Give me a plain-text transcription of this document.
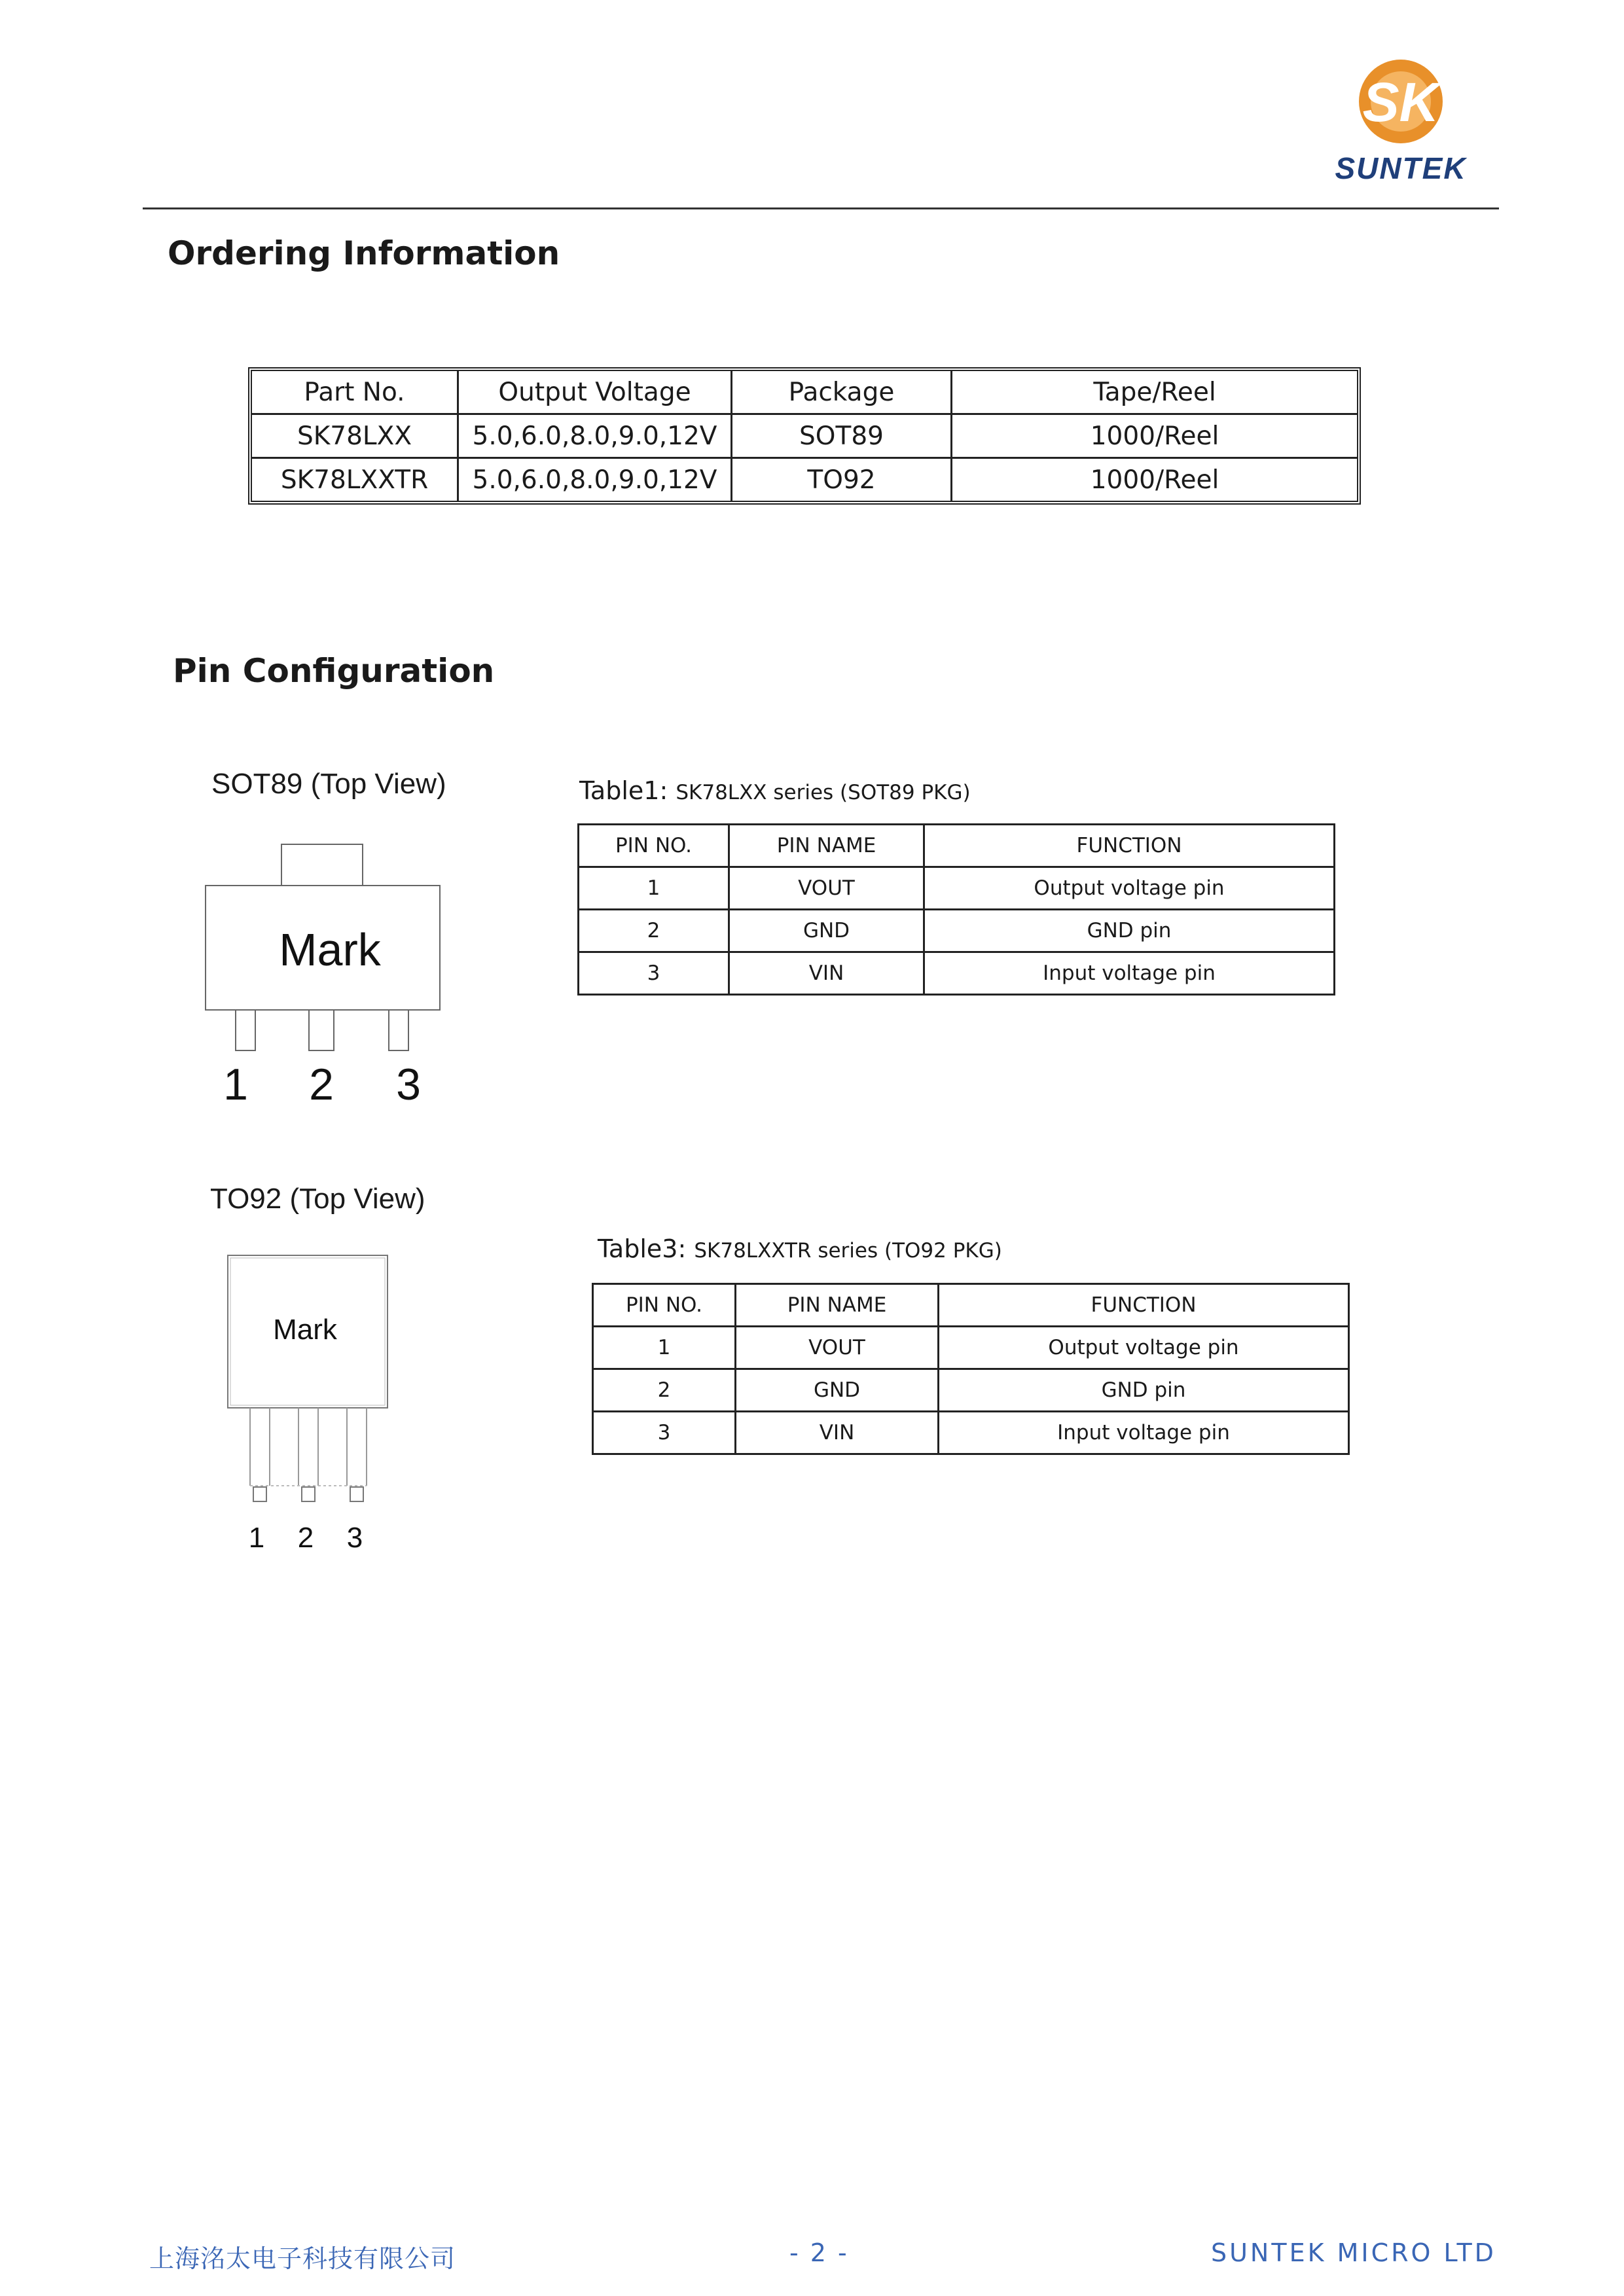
SK
SUNTEK
Ordering Information
Part No.	Output Voltage	Package	Tape/Reel
SK78LXX	5.0,6.0,8.0,9.0,12V	SOT89	1000/Reel
SK78LXXTR	5.0,6.0,8.0,9.0,12V	TO92	1000/Reel
Pin Configuration
SOT89 (Top View)
Mark
1 2 3
Table1: SK78LXX series (SOT89 PKG)
PIN NO.	PIN NAME	FUNCTION
1	VOUT	Output voltage pin
2	GND	GND pin
3	VIN	Input voltage pin
TO92 (Top View)
Mark
1 2 3
Table3: SK78LXXTR series (TO92 PKG)
PIN NO.	PIN NAME	FUNCTION
1	VOUT	Output voltage pin
2	GND	GND pin
3	VIN	Input voltage pin
上海洺太电子科技有限公司	- 2 -	SUNTEK MICRO LTD
